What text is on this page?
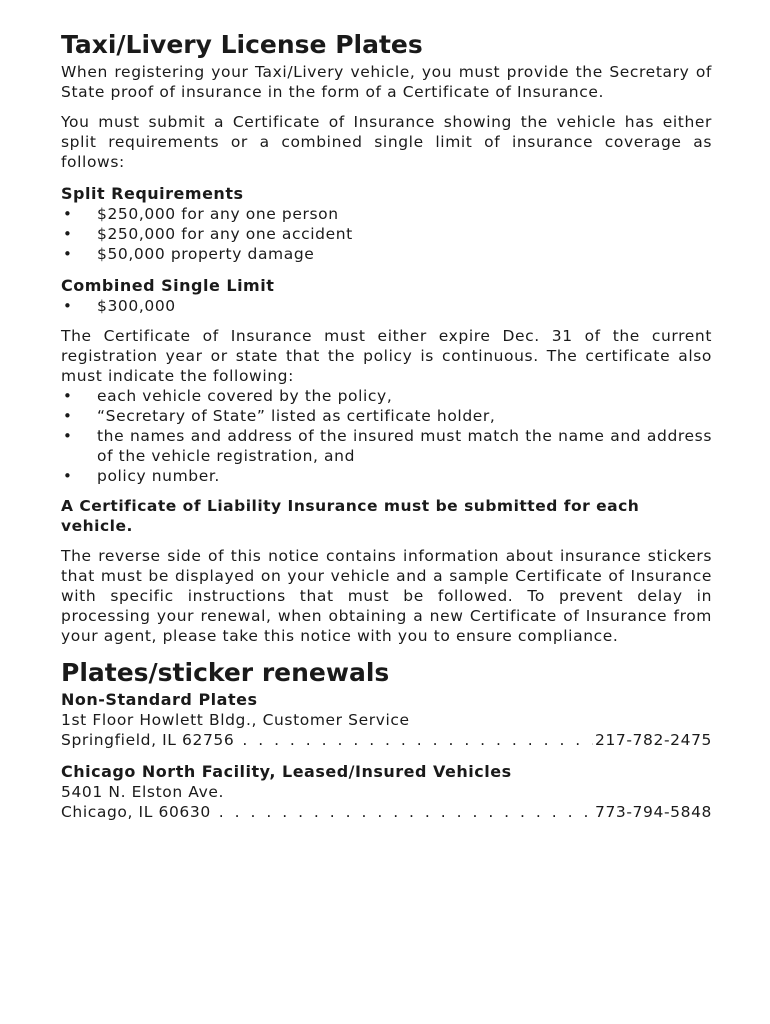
Taxi/Livery License Plates

When registering your Taxi/Livery vehicle, you must provide the Secretary of State proof of insurance in the form of a Certificate of Insurance.

You must submit a Certificate of Insurance showing the vehicle has either split requirements or a combined single limit of insurance coverage as follows:

Split Requirements
• $250,000 for any one person
• $250,000 for any one accident
• $50,000 property damage
Combined Single Limit
• $300,000

The Certificate of Insurance must either expire Dec. 31 of the current registration year or state that the policy is continuous. The certificate also must indicate the following:

• each vehicle covered by the policy,
• “Secretary of State” listed as certificate holder,
• the names and address of the insured must match the name and address of the vehicle registration, and
• policy number.

A Certificate of Liability Insurance must be submitted for each vehicle.

The reverse side of this notice contains information about insurance stickers that must be displayed on your vehicle and a sample Certificate of Insurance with specific instructions that must be followed. To prevent delay in processing your renewal, when obtaining a new Certificate of Insurance from your agent, please take this notice with you to ensure compliance.

Plates/sticker renewals
Non-Standard Plates
1st Floor Howlett Bldg., Customer Service
Springfield, IL 62756 . . .	217-782-2475
Chicago North Facility, Leased/Insured Vehicles
5401 N. Elston Ave.
Chicago, IL 60630 . . .	773-794-5848
